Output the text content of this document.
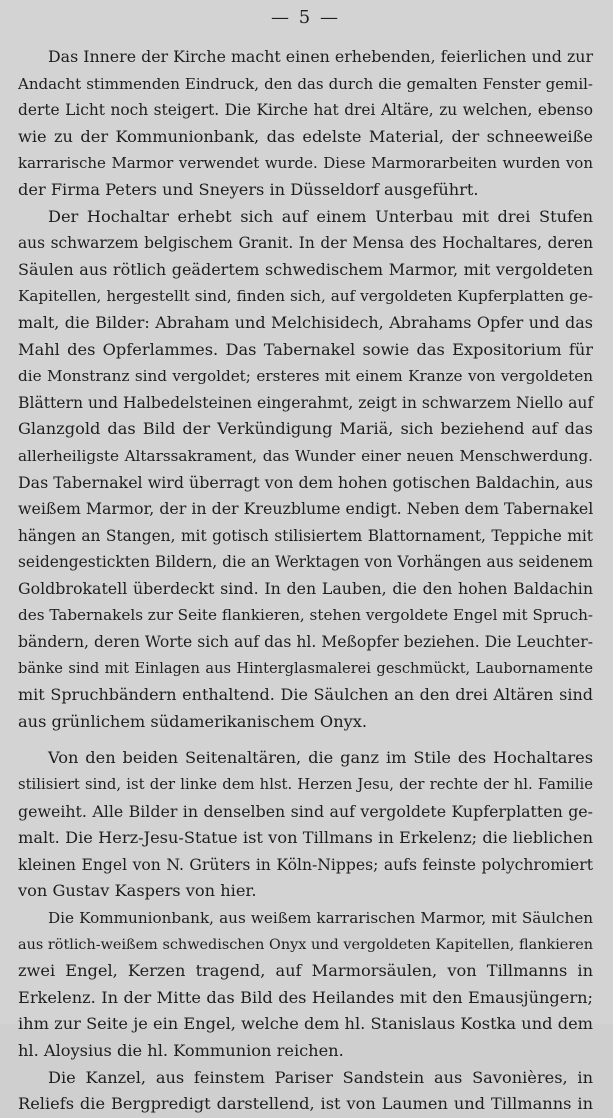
— 5 —
Das Innere der Kirche macht einen erhebenden, feierlichen und zur
Andacht stimmenden Eindruck, den das durch die gemalten Fenster gemil-
derte Licht noch steigert. Die Kirche hat drei Altäre, zu welchen, ebenso
wie zu der Kommunionbank, das edelste Material, der schneeweiße
karrarische Marmor verwendet wurde. Diese Marmorarbeiten wurden von
der Firma Peters und Sneyers in Düsseldorf ausgeführt.
Der Hochaltar erhebt sich auf einem Unterbau mit drei Stufen
aus schwarzem belgischem Granit. In der Mensa des Hochaltares, deren
Säulen aus rötlich geädertem schwedischem Marmor, mit vergoldeten
Kapitellen, hergestellt sind, finden sich, auf vergoldeten Kupferplatten ge-
malt, die Bilder: Abraham und Melchisidech, Abrahams Opfer und das
Mahl des Opferlammes. Das Tabernakel sowie das Expositorium für
die Monstranz sind vergoldet; ersteres mit einem Kranze von vergoldeten
Blättern und Halbedelsteinen eingerahmt, zeigt in schwarzem Niello auf
Glanzgold das Bild der Verkündigung Mariä, sich beziehend auf das
allerheiligste Altarssakrament, das Wunder einer neuen Menschwerdung.
Das Tabernakel wird überragt von dem hohen gotischen Baldachin, aus
weißem Marmor, der in der Kreuzblume endigt. Neben dem Tabernakel
hängen an Stangen, mit gotisch stilisiertem Blattornament, Teppiche mit
seidengestickten Bildern, die an Werktagen von Vorhängen aus seidenem
Goldbrokatell überdeckt sind. In den Lauben, die den hohen Baldachin
des Tabernakels zur Seite flankieren, stehen vergoldete Engel mit Spruch-
bändern, deren Worte sich auf das hl. Meßopfer beziehen. Die Leuchter-
bänke sind mit Einlagen aus Hinterglasmalerei geschmückt, Laubornamente
mit Spruchbändern enthaltend. Die Säulchen an den drei Altären sind
aus grünlichem südamerikanischem Onyx.
Von den beiden Seitenaltären, die ganz im Stile des Hochaltares
stilisiert sind, ist der linke dem hlst. Herzen Jesu, der rechte der hl. Familie
geweiht. Alle Bilder in denselben sind auf vergoldete Kupferplatten ge-
malt. Die Herz-Jesu-Statue ist von Tillmans in Erkelenz; die lieblichen
kleinen Engel von N. Grüters in Köln-Nippes; aufs feinste polychromiert
von Gustav Kaspers von hier.
Die Kommunionbank, aus weißem karrarischen Marmor, mit Säulchen
aus rötlich-weißem schwedischen Onyx und vergoldeten Kapitellen, flankieren
zwei Engel, Kerzen tragend, auf Marmorsäulen, von Tillmanns in
Erkelenz. In der Mitte das Bild des Heilandes mit den Emausjüngern;
ihm zur Seite je ein Engel, welche dem hl. Stanislaus Kostka und dem
hl. Aloysius die hl. Kommunion reichen.
Die Kanzel, aus feinstem Pariser Sandstein aus Savonières, in
Reliefs die Bergpredigt darstellend, ist von Laumen und Tillmanns in
